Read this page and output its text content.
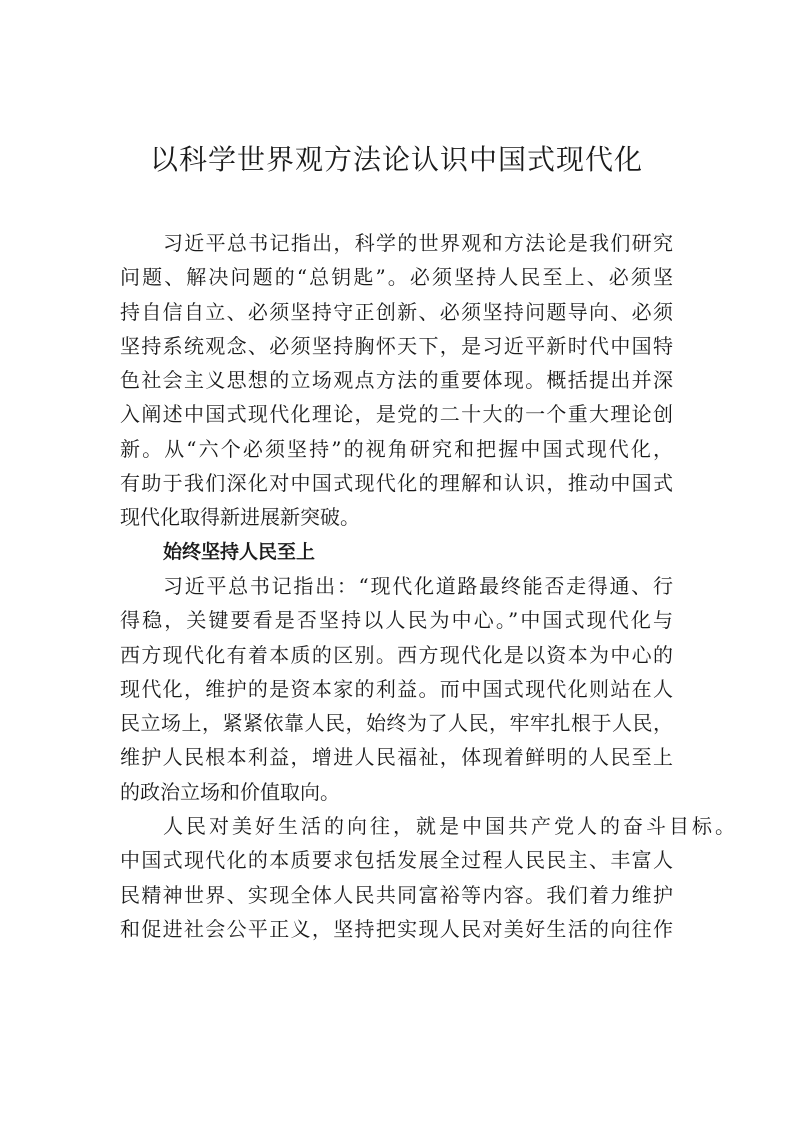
以科学世界观方法论认识中国式现代化
习近平总书记指出，科学的世界观和方法论是我们研究
问题、解决问题的“总钥匙”。必须坚持人民至上、必须坚
持自信自立、必须坚持守正创新、必须坚持问题导向、必须
坚持系统观念、必须坚持胸怀天下，是习近平新时代中国特
色社会主义思想的立场观点方法的重要体现。概括提出并深
入阐述中国式现代化理论，是党的二十大的一个重大理论创
新。从“六个必须坚持”的视角研究和把握中国式现代化，
有助于我们深化对中国式现代化的理解和认识，推动中国式
现代化取得新进展新突破。
始终坚持人民至上
习近平总书记指出：“现代化道路最终能否走得通、行
得稳，关键要看是否坚持以人民为中心。”中国式现代化与
西方现代化有着本质的区别。西方现代化是以资本为中心的
现代化，维护的是资本家的利益。而中国式现代化则站在人
民立场上，紧紧依靠人民，始终为了人民，牢牢扎根于人民，
维护人民根本利益，增进人民福祉，体现着鲜明的人民至上
的政治立场和价值取向。
人民对美好生活的向往，就是中国共产党人的奋斗目标。
中国式现代化的本质要求包括发展全过程人民民主、丰富人
民精神世界、实现全体人民共同富裕等内容。我们着力维护
和促进社会公平正义，坚持把实现人民对美好生活的向往作
